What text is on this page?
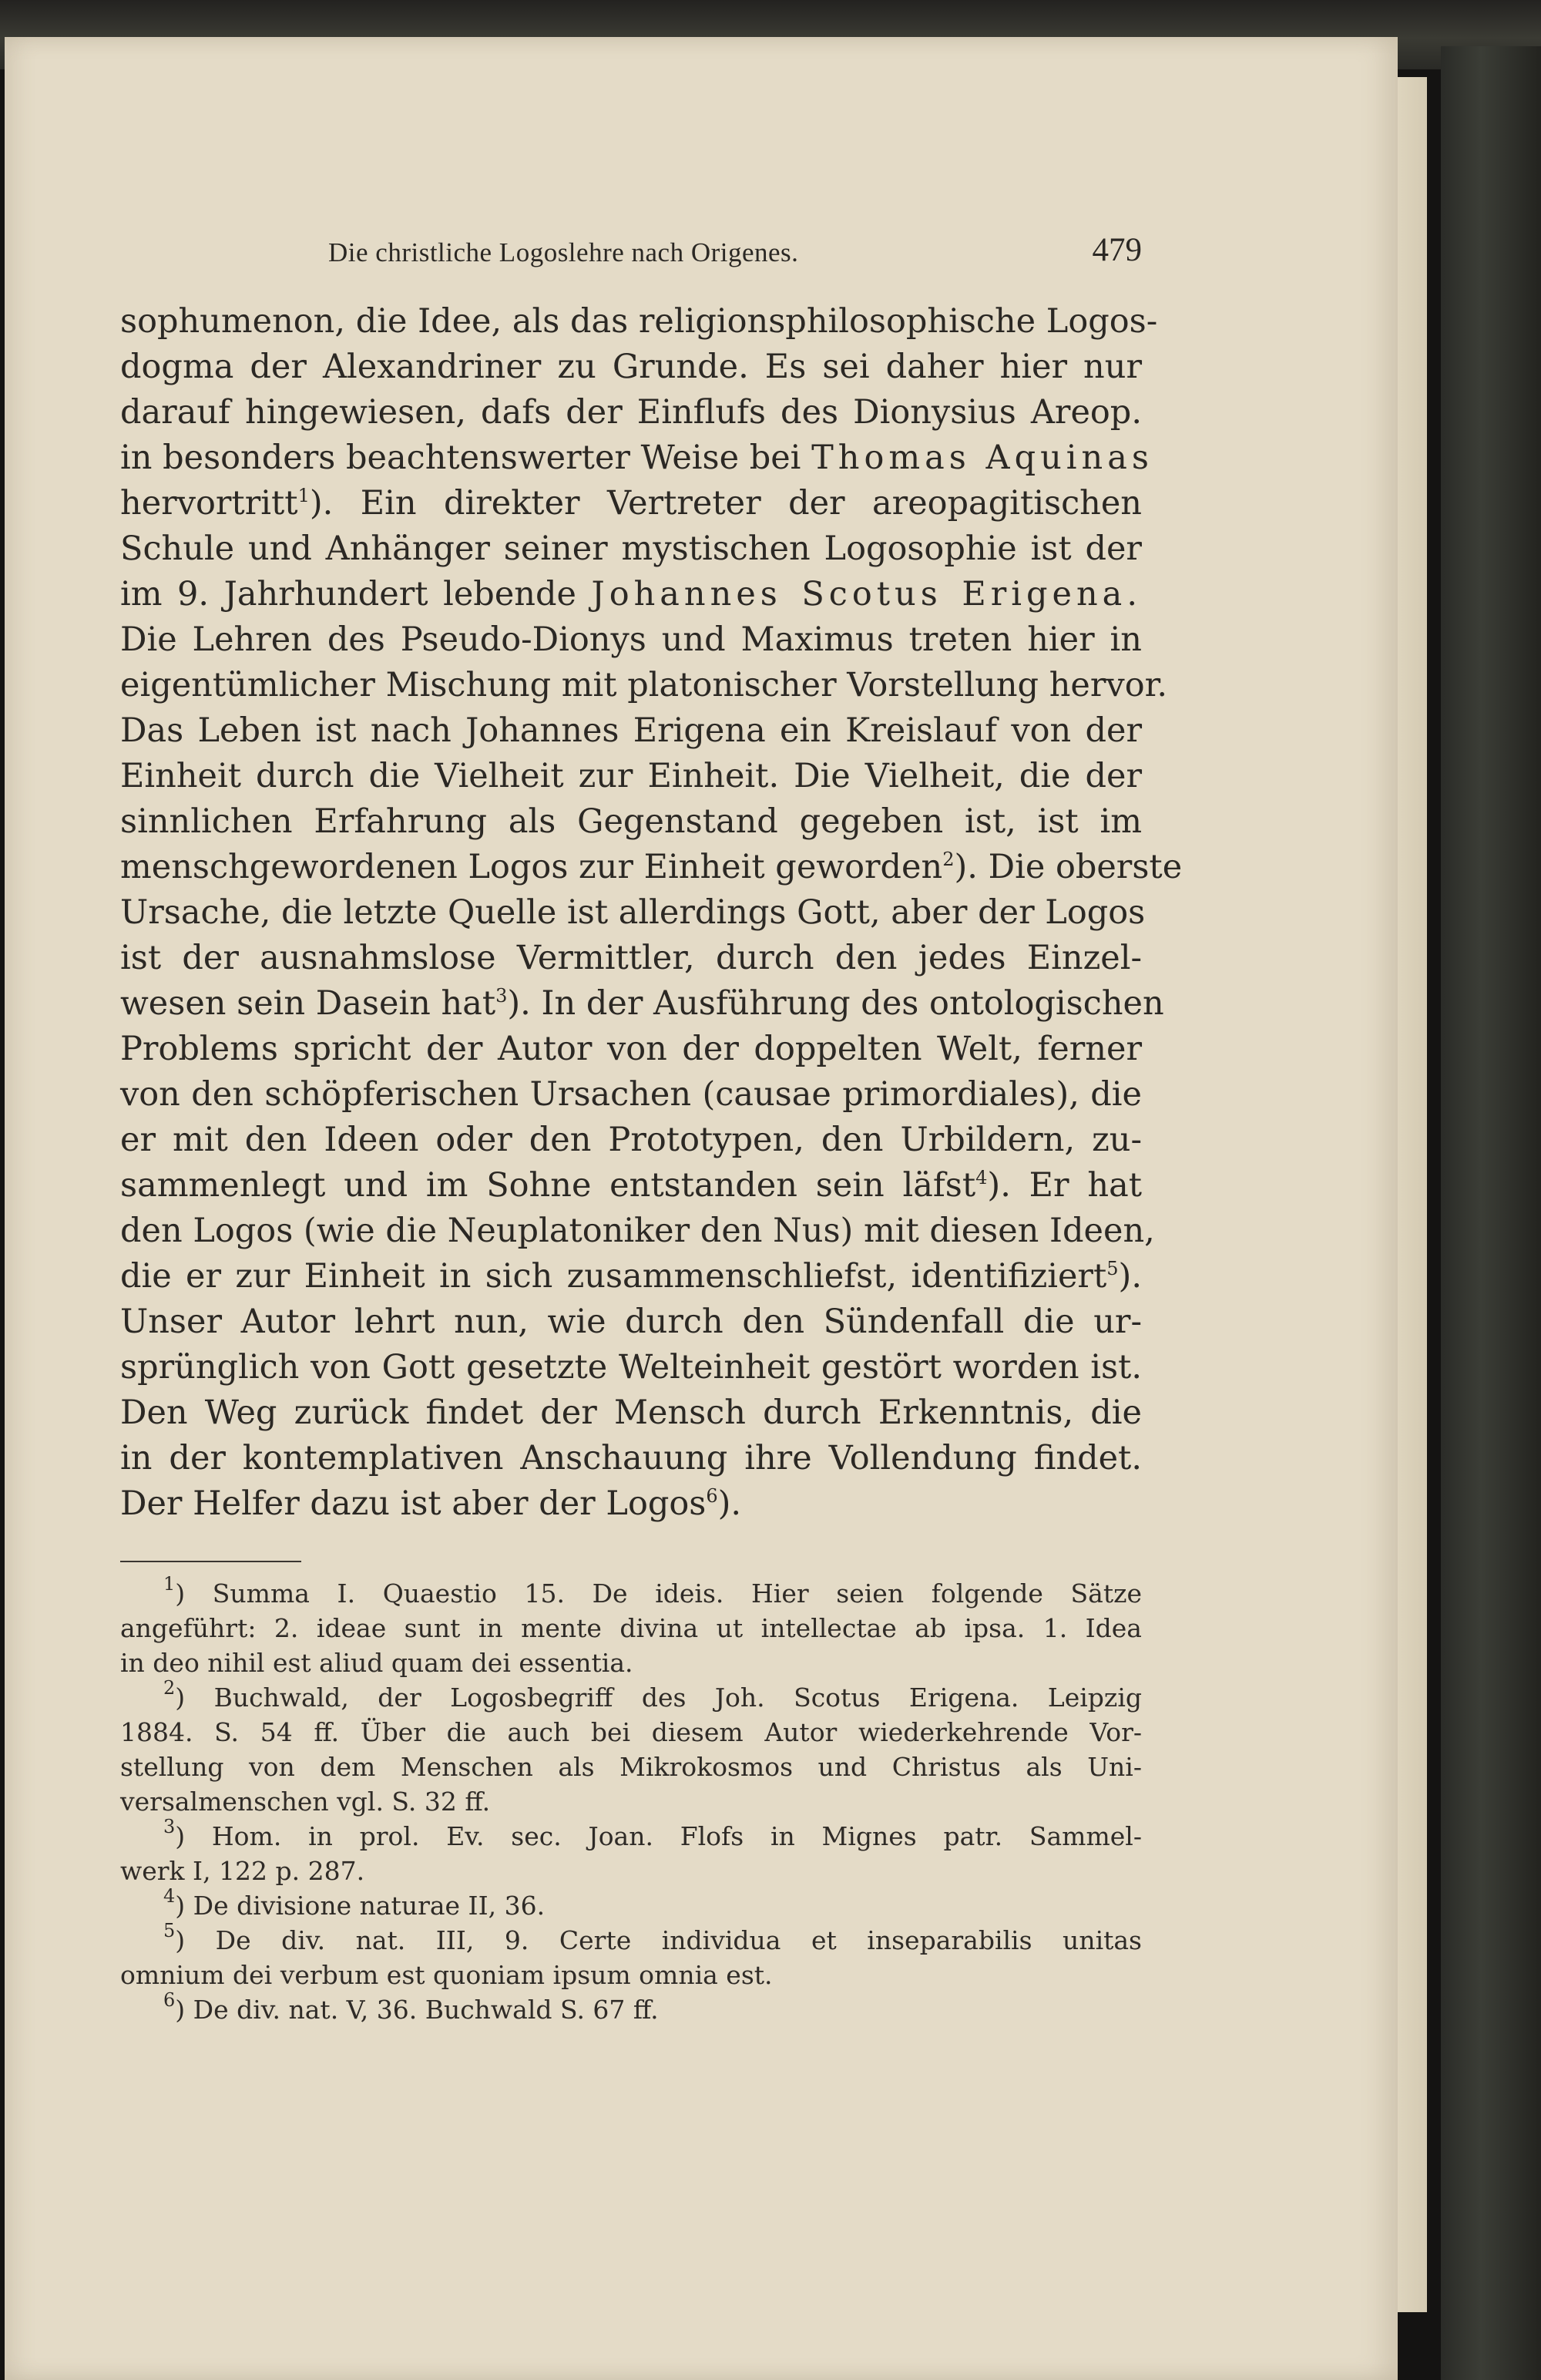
Die christliche Logoslehre nach Origenes.	479
sophumenon, die Idee, als das religionsphilosophische Logos-
dogma der Alexandriner zu Grunde. Es sei daher hier nur
darauf hingewiesen, dafs der Einflufs des Dionysius Areop.
in besonders beachtenswerter Weise bei Thomas Aquinas
hervortritt$^1$). Ein direkter Vertreter der areopagitischen
Schule und Anhänger seiner mystischen Logosophie ist der
im 9. Jahrhundert lebende Johannes Scotus Erigena.
Die Lehren des Pseudo-Dionys und Maximus treten hier in
eigentümlicher Mischung mit platonischer Vorstellung hervor.
Das Leben ist nach Johannes Erigena ein Kreislauf von der
Einheit durch die Vielheit zur Einheit. Die Vielheit, die der
sinnlichen Erfahrung als Gegenstand gegeben ist, ist im
menschgewordenen Logos zur Einheit geworden$^2$). Die oberste
Ursache, die letzte Quelle ist allerdings Gott, aber der Logos
ist der ausnahmslose Vermittler, durch den jedes Einzel-
wesen sein Dasein hat$^3$). In der Ausführung des ontologischen
Problems spricht der Autor von der doppelten Welt, ferner
von den schöpferischen Ursachen (causae primordiales), die
er mit den Ideen oder den Prototypen, den Urbildern, zu-
sammenlegt und im Sohne entstanden sein läfst$^4$). Er hat
den Logos (wie die Neuplatoniker den Nus) mit diesen Ideen,
die er zur Einheit in sich zusammenschliefst, identifiziert$^5$).
Unser Autor lehrt nun, wie durch den Sündenfall die ur-
sprünglich von Gott gesetzte Welteinheit gestört worden ist.
Den Weg zurück findet der Mensch durch Erkenntnis, die
in der kontemplativen Anschauung ihre Vollendung findet.
Der Helfer dazu ist aber der Logos$^6$).
$^1$) Summa I. Quaestio 15. De ideis. Hier seien folgende Sätze
angeführt: 2. ideae sunt in mente divina ut intellectae ab ipsa. 1. Idea
in deo nihil est aliud quam dei essentia.
$^2$) Buchwald, der Logosbegriff des Joh. Scotus Erigena. Leipzig
1884. S. 54 ff. Über die auch bei diesem Autor wiederkehrende Vor-
stellung von dem Menschen als Mikrokosmos und Christus als Uni-
versalmenschen vgl. S. 32 ff.
$^3$) Hom. in prol. Ev. sec. Joan. Flofs in Mignes patr. Sammel-
werk I, 122 p. 287.
$^4$) De divisione naturae II, 36.
$^5$) De div. nat. III, 9. Certe individua et inseparabilis unitas
omnium dei verbum est quoniam ipsum omnia est.
$^6$) De div. nat. V, 36. Buchwald S. 67 ff.
